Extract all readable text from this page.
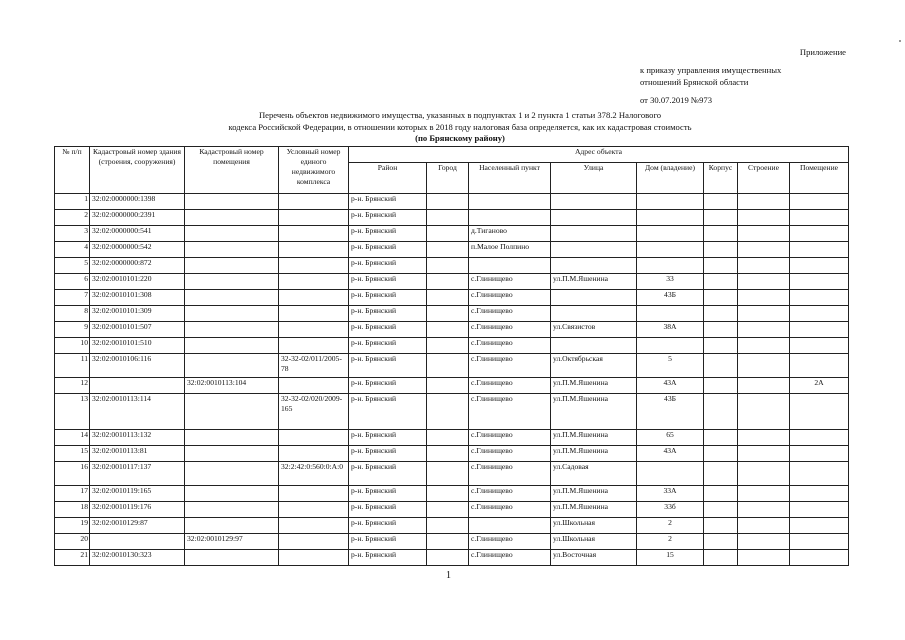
Приложение
к приказу управления имущественных
отношений Брянской области
от 30.07.2019 №973
Перечень объектов недвижимого имущества, указанных в подпунктах 1 и 2 пункта 1 статьи 378.2 Налогового
кодекса Российской Федерации, в отношении которых в 2018 году налоговая база определяется, как их кадастровая стоимость
(по Брянскому району)
№ п/п	Кадастровый номер здания (строения, сооружения)	Кадастровый номер помещения	Условный номер единого недвижимого комплекса	Адрес объекта							
				Район	Город	Населенный пункт	Улица	Дом (владение)	Корпус	Строение	Помещение
1	32:02:0000000:1398			р-н. Брянский							
2	32:02:0000000:2391			р-н. Брянский							
3	32:02:0000000:541			р-н. Брянский		д.Тиганово					
4	32:02:0000000:542			р-н. Брянский		п.Малое Полпино					
5	32:02:0000000:872			р-н. Брянский							
6	32:02:0010101:220			р-н. Брянский		с.Глинищево	ул.П.М.Яшенина	33			
7	32:02:0010101:308			р-н. Брянский		с.Глинищево		43Б			
8	32:02:0010101:309			р-н. Брянский		с.Глинищево					
9	32:02:0010101:507			р-н. Брянский		с.Глинищево	ул.Связистов	38А			
10	32:02:0010101:510			р-н. Брянский		с.Глинищево					
11	32:02:0010106:116		32-32-02/011/2005-78	р-н. Брянский		с.Глинищево	ул.Октябрьская	5			
12		32:02:0010113:104		р-н. Брянский		с.Глинищево	ул.П.М.Яшенина	43А			2А
13	32:02:0010113:114		32-32-02/020/2009-165	р-н. Брянский		с.Глинищево	ул.П.М.Яшенина	43Б			
14	32:02:0010113:132			р-н. Брянский		с.Глинищево	ул.П.М.Яшенина	65			
15	32:02:0010113:81			р-н. Брянский		с.Глинищево	ул.П.М.Яшенина	43А			
16	32:02:0010117:137		32:2:42:0:560:0:А:0	р-н. Брянский		с.Глинищево	ул.Садовая				
17	32:02:0010119:165			р-н. Брянский		с.Глинищево	ул.П.М.Яшенина	33А			
18	32:02:0010119:176			р-н. Брянский		с.Глинищево	ул.П.М.Яшенина	33б			
19	32:02:0010129:87			р-н. Брянский			ул.Школьная	2			
20		32:02:0010129:97		р-н. Брянский		с.Глинищево	ул.Школьная	2			
21	32:02:0010130:323			р-н. Брянский		с.Глинищево	ул.Восточная	15			
1
